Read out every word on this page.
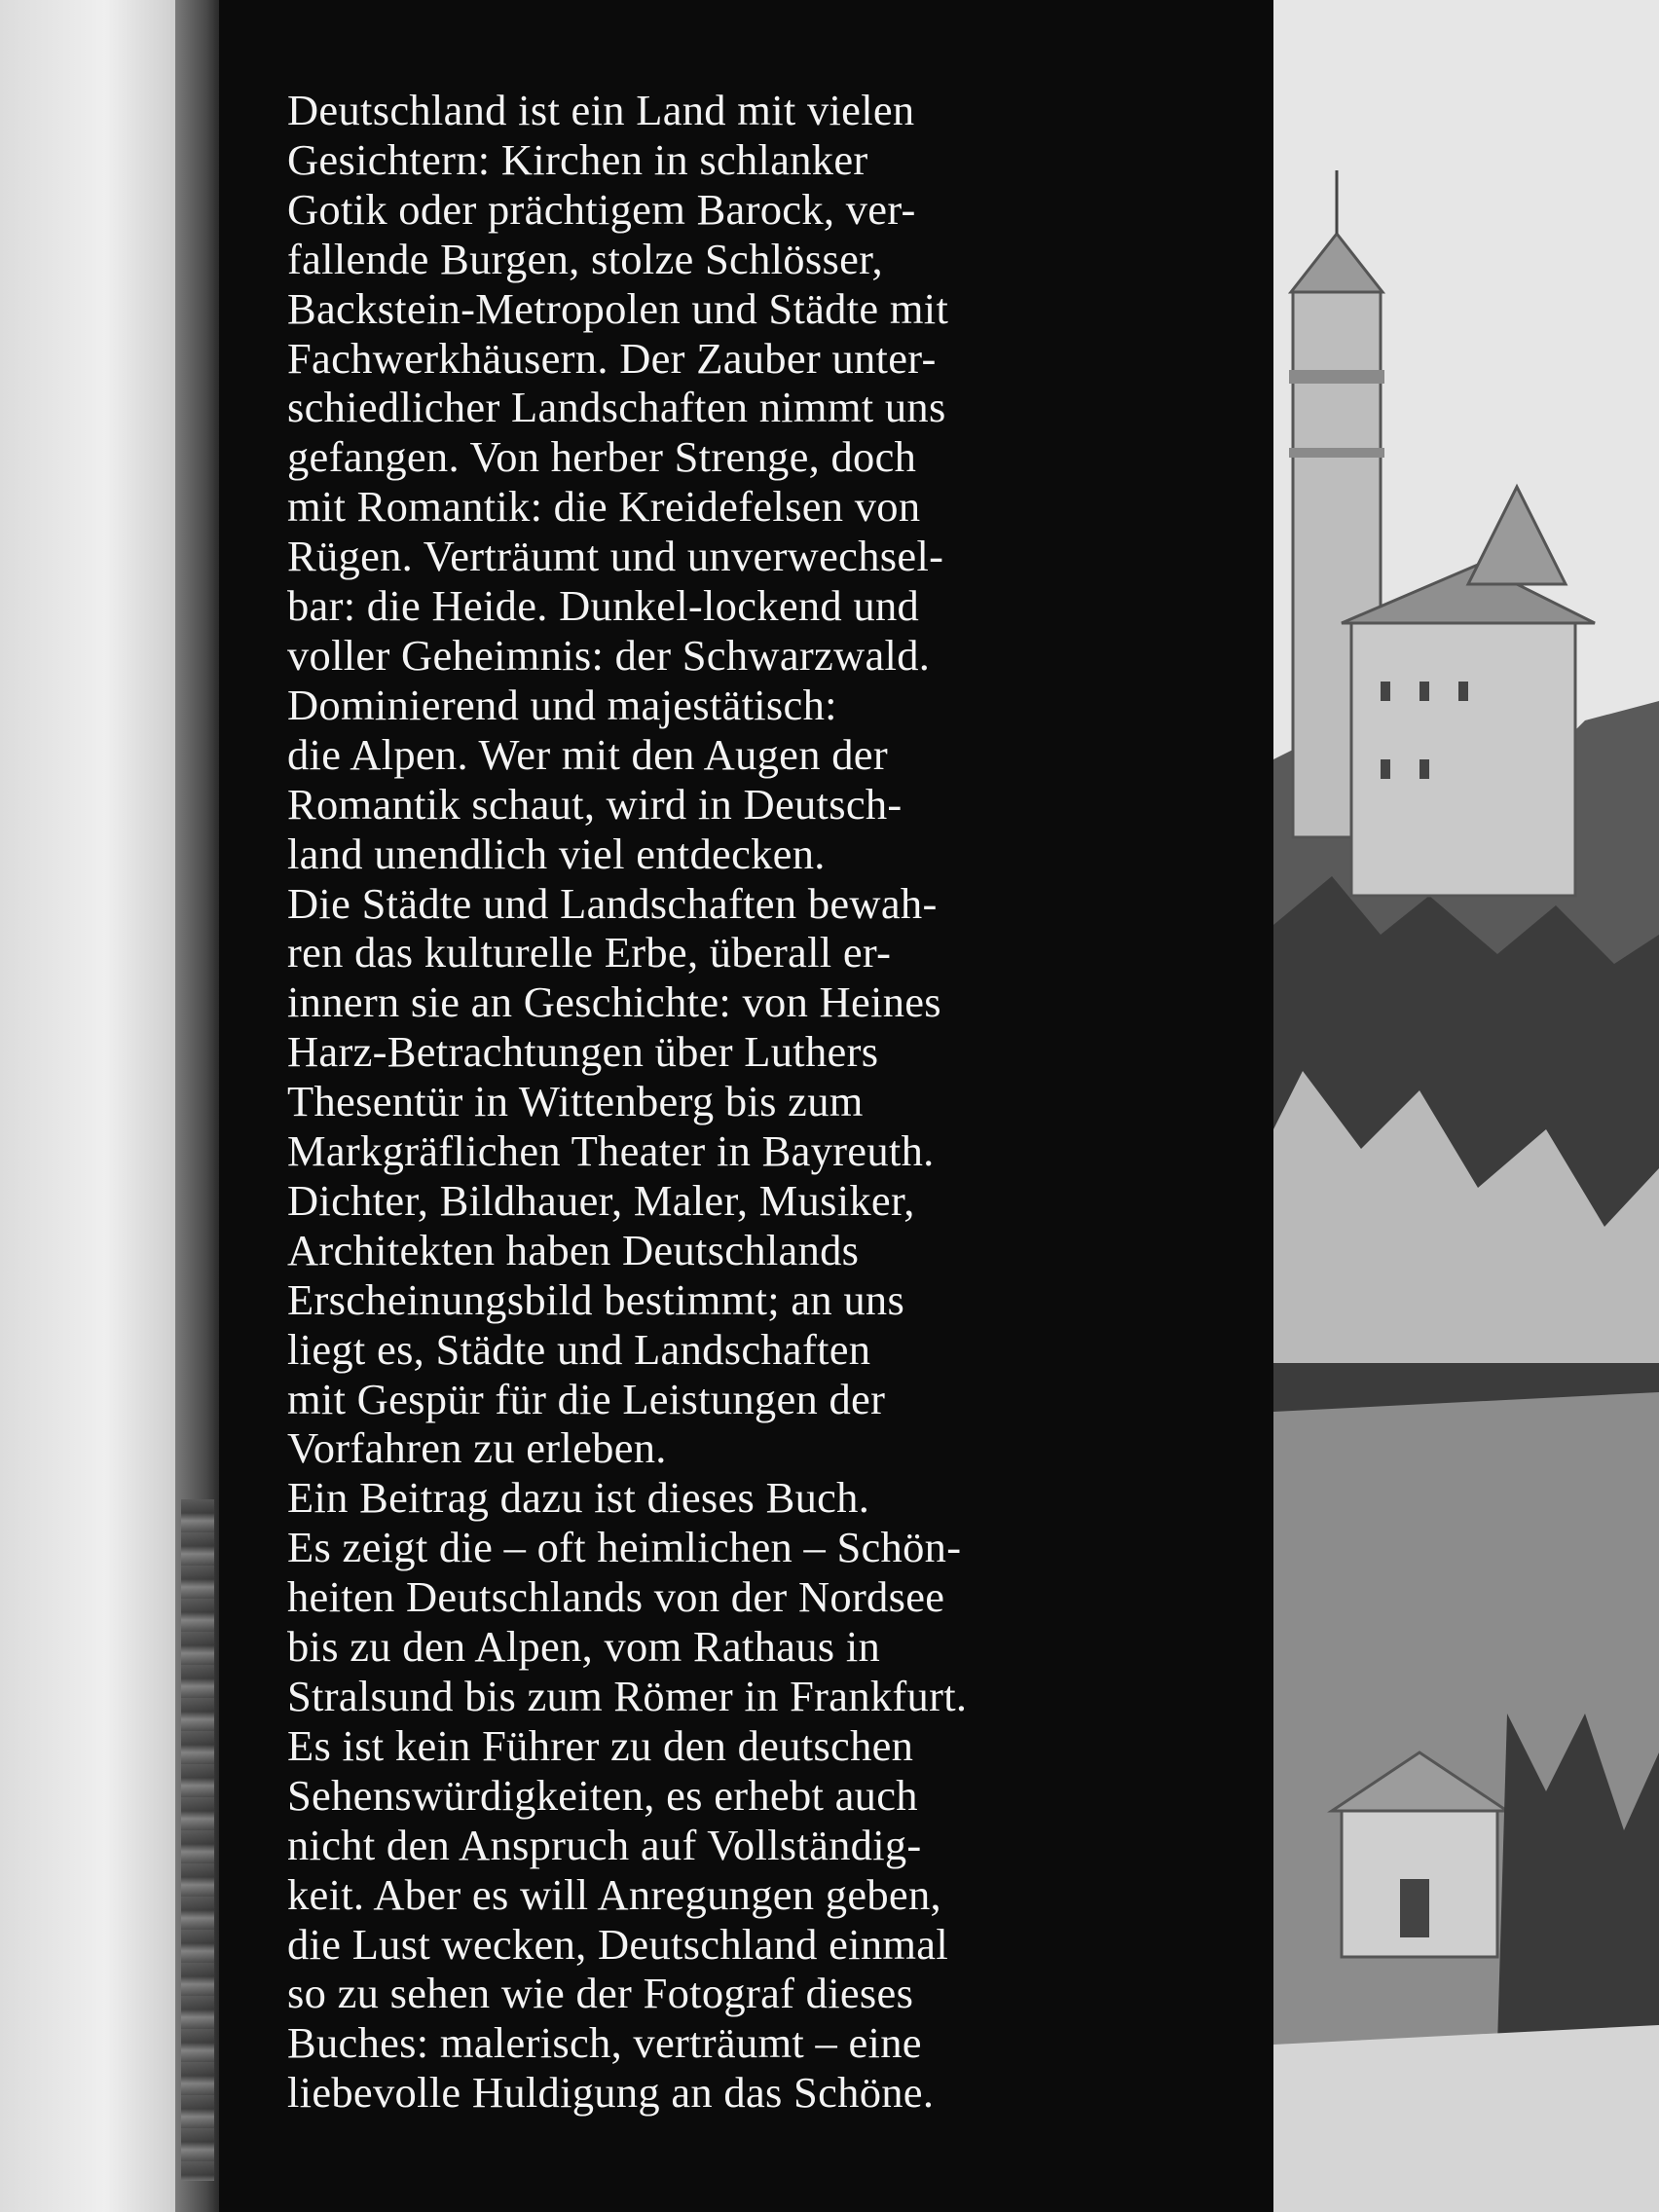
Deutschland ist ein Land mit vielen
Gesichtern: Kirchen in schlanker
Gotik oder prächtigem Barock, ver-
fallende Burgen, stolze Schlösser,
Backstein-Metropolen und Städte mit
Fachwerkhäusern. Der Zauber unter-
schiedlicher Landschaften nimmt uns
gefangen. Von herber Strenge, doch
mit Romantik: die Kreidefelsen von
Rügen. Verträumt und unverwechsel-
bar: die Heide. Dunkel-lockend und
voller Geheimnis: der Schwarzwald.
Dominierend und majestätisch:
die Alpen. Wer mit den Augen der
Romantik schaut, wird in Deutsch-
land unendlich viel entdecken.

Die Städte und Landschaften bewah-
ren das kulturelle Erbe, überall er-
innern sie an Geschichte: von Heines
Harz-Betrachtungen über Luthers
Thesentür in Wittenberg bis zum
Markgräflichen Theater in Bayreuth.
Dichter, Bildhauer, Maler, Musiker,
Architekten haben Deutschlands
Erscheinungsbild bestimmt; an uns
liegt es, Städte und Landschaften
mit Gespür für die Leistungen der
Vorfahren zu erleben.

Ein Beitrag dazu ist dieses Buch.

Es zeigt die – oft heimlichen – Schön-
heiten Deutschlands von der Nordsee
bis zu den Alpen, vom Rathaus in
Stralsund bis zum Römer in Frankfurt.

Es ist kein Führer zu den deutschen
Sehenswürdigkeiten, es erhebt auch
nicht den Anspruch auf Vollständig-
keit. Aber es will Anregungen geben,
die Lust wecken, Deutschland einmal
so zu sehen wie der Fotograf dieses
Buches: malerisch, verträumt – eine
liebevolle Huldigung an das Schöne.
